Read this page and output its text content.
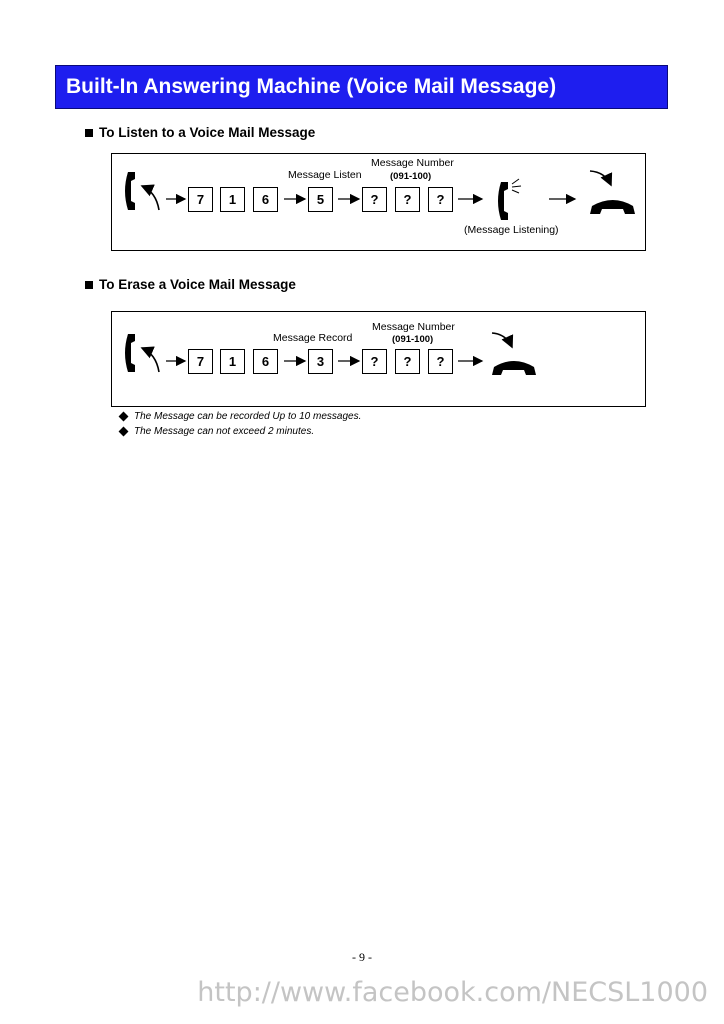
Built-In Answering Machine (Voice Mail Message)
To Listen to a Voice Mail Message
7	1	6	5	?	?	?
Message Listen
Message Number
(091-100)
(Message Listening)
To Erase a Voice Mail Message
7	1	6	3	?	?	?
Message Record
Message Number
(091-100)
The Message can be recorded Up to 10 messages.
The Message can not exceed 2 minutes.
- 9 -
http://www.facebook.com/NECSL1000
